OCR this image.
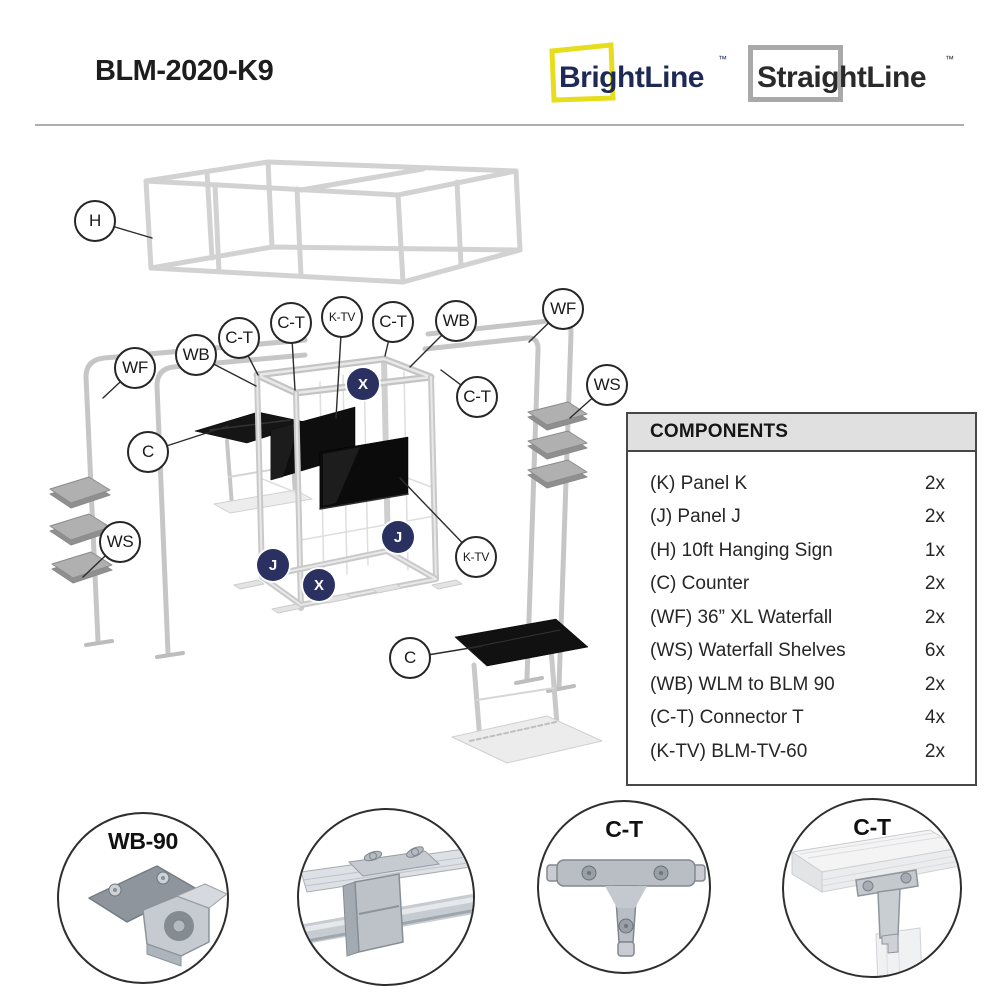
BLM-2020-K9	BrightLine
™
StraightLine
™
H
WF
WB
C-T
C-T	K-TV	C-T	WB
WF
WS
C-T
C
WS
K-TV
C
X
J
J
X
COMPONENTS
(K) Panel K	2x
(J) Panel J	2x
(H) 10ft Hanging Sign	1x
(C) Counter	2x
(WF) 36” XL Waterfall	2x
(WS) Waterfall Shelves	6x
(WB) WLM to BLM 90	2x
(C-T) Connector T	4x
(K-TV) BLM-TV-60	2x
WB-90	C-T	C-T
